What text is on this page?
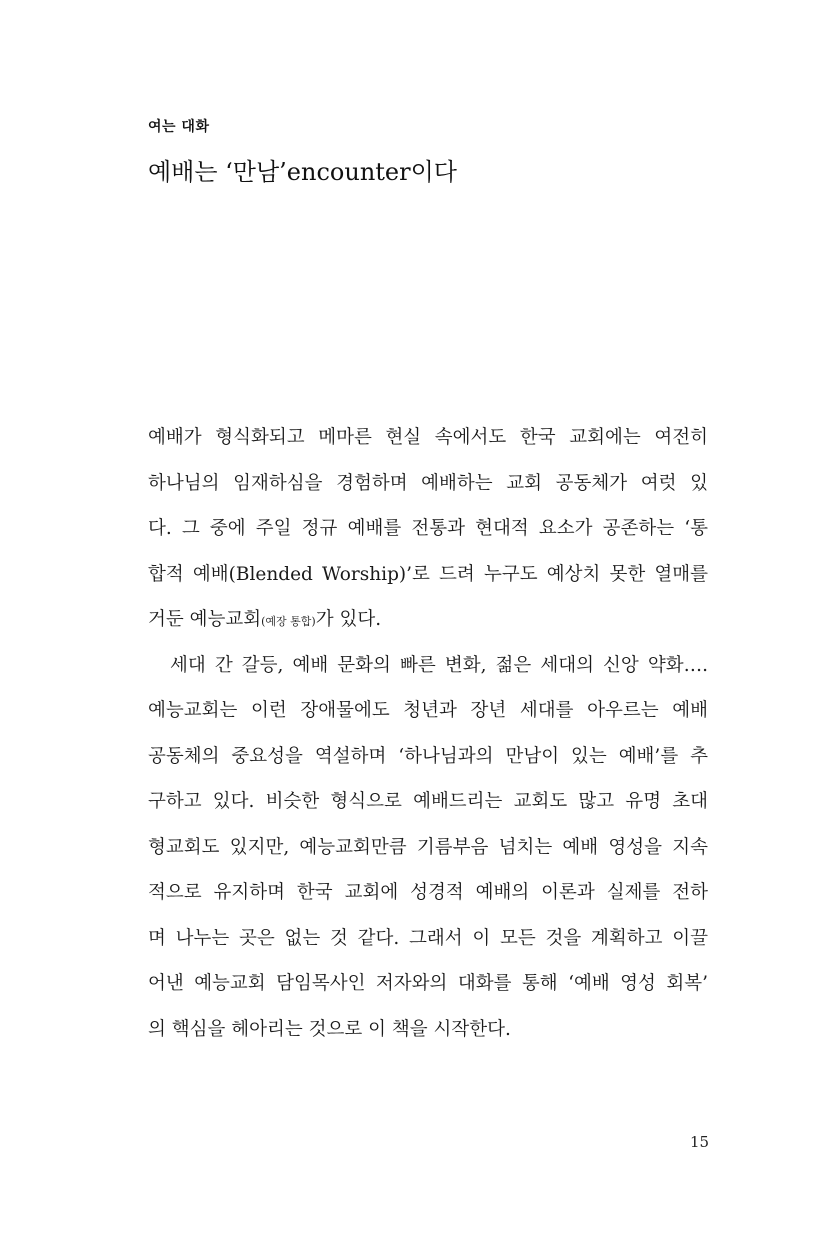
여는 대화
예배는 ‘만남’encounter이다
예배가 형식화되고 메마른 현실 속에서도 한국 교회에는 여전히
하나님의 임재하심을 경험하며 예배하는 교회 공동체가 여럿 있
다. 그 중에 주일 정규 예배를 전통과 현대적 요소가 공존하는 ‘통
합적 예배(Blended Worship)’로 드려 누구도 예상치 못한 열매를
거둔 예능교회(예장 통합)가 있다.
세대 간 갈등, 예배 문화의 빠른 변화, 젊은 세대의 신앙 약화….
예능교회는 이런 장애물에도 청년과 장년 세대를 아우르는 예배
공동체의 중요성을 역설하며 ‘하나님과의 만남이 있는 예배’를 추
구하고 있다. 비슷한 형식으로 예배드리는 교회도 많고 유명 초대
형교회도 있지만, 예능교회만큼 기름부음 넘치는 예배 영성을 지속
적으로 유지하며 한국 교회에 성경적 예배의 이론과 실제를 전하
며 나누는 곳은 없는 것 같다. 그래서 이 모든 것을 계획하고 이끌
어낸 예능교회 담임목사인 저자와의 대화를 통해 ‘예배 영성 회복’
의 핵심을 헤아리는 것으로 이 책을 시작한다.
15
